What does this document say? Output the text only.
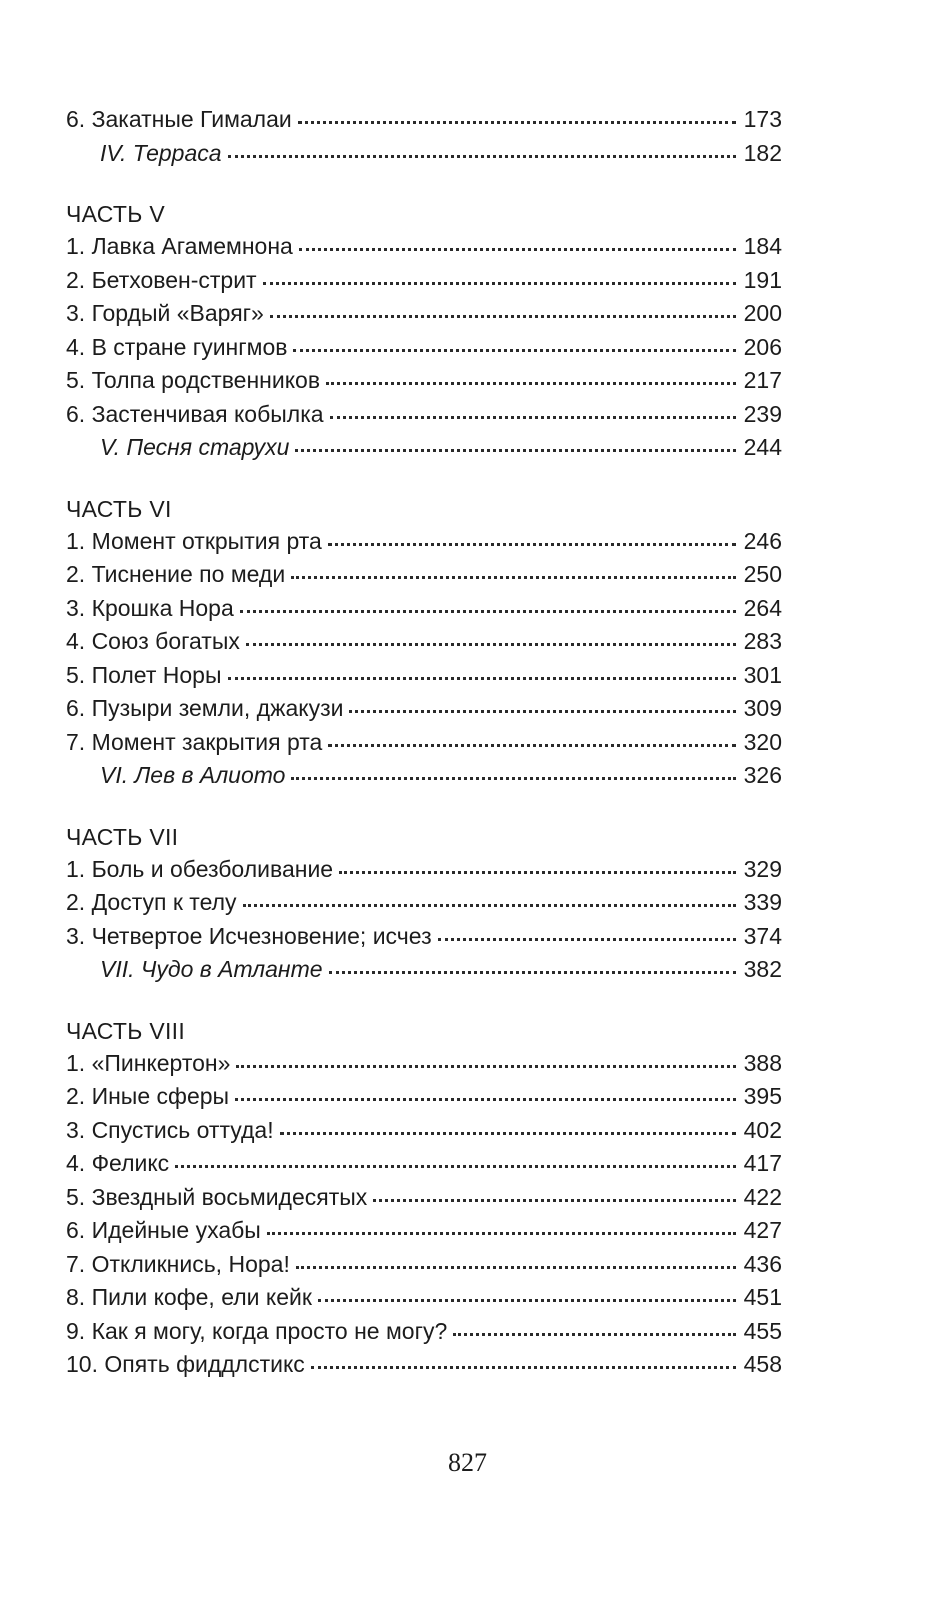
6. Закатные Гималаи	173
IV. Терраса	182
ЧАСТЬ V
1. Лавка Агамемнона	184
2. Бетховен-стрит	191
3. Гордый «Варяг»	200
4. В стране гуингмов	206
5. Толпа родственников	217
6. Застенчивая кобылка	239
V. Песня старухи	244
ЧАСТЬ VI
1. Момент открытия рта	246
2. Тиснение по меди	250
3. Крошка Нора	264
4. Союз богатых	283
5. Полет Норы	301
6. Пузыри земли, джакузи	309
7. Момент закрытия рта	320
VI. Лев в Алиото	326
ЧАСТЬ VII
1. Боль и обезболивание	329
2. Доступ к телу	339
3. Четвертое Исчезновение; исчез	374
VII. Чудо в Атланте	382
ЧАСТЬ VIII
1. «Пинкертон»	388
2. Иные сферы	395
3. Спустись оттуда!	402
4. Феликс	417
5. Звездный восьмидесятых	422
6. Идейные ухабы	427
7. Откликнись, Нора!	436
8. Пили кофе, ели кейк	451
9. Как я могу, когда просто не могу?	455
10. Опять фиддлстикс	458
827
